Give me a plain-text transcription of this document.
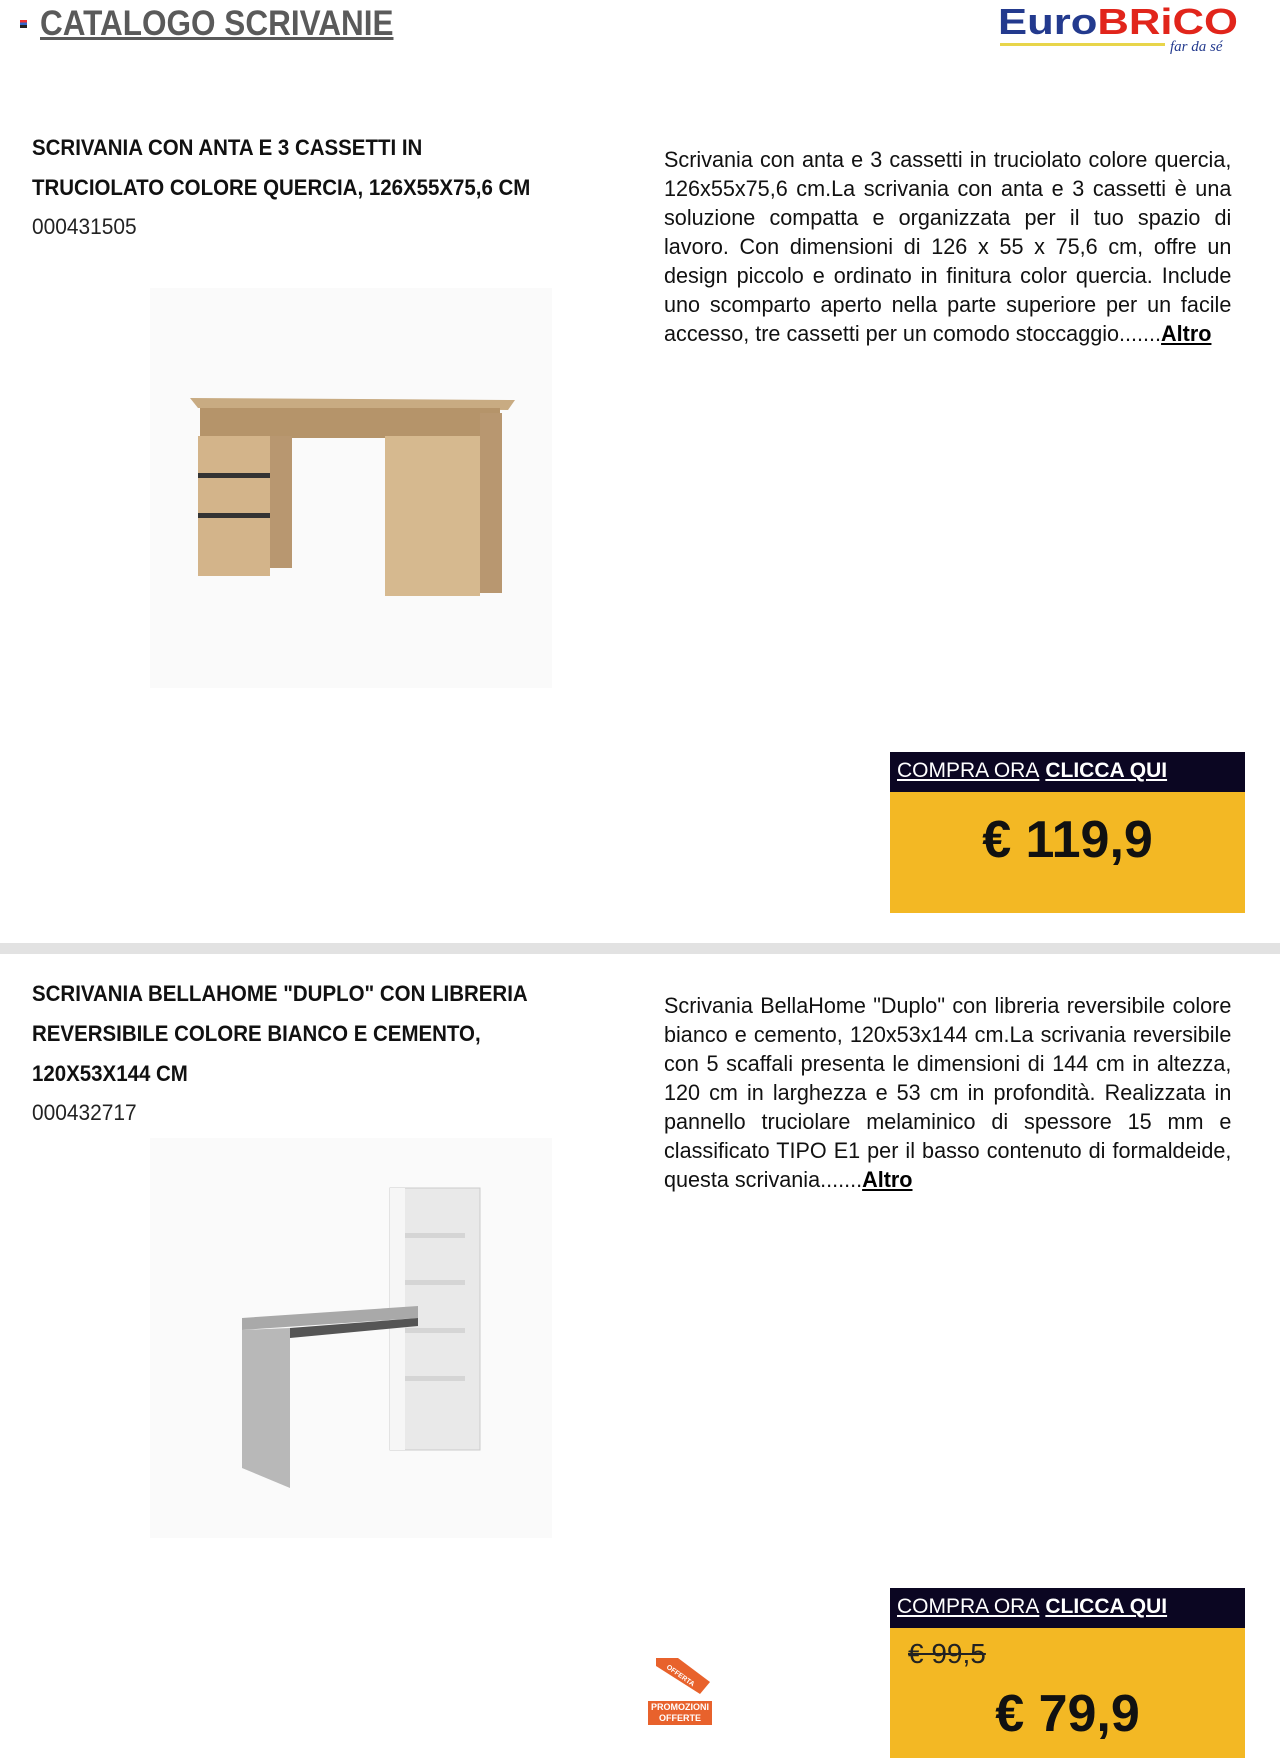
CATALOGO SCRIVANIE	Euro BRiCO
far da sé
SCRIVANIA CON ANTA E 3 CASSETTI IN
TRUCIOLATO COLORE QUERCIA, 126X55X75,6 CM
000431505

Scrivania con anta e 3 cassetti in truciolato colore quercia, 126x55x75,6 cm.La scrivania con anta e 3 cassetti è una soluzione compatta e organizzata per il tuo spazio di lavoro. Con dimensioni di 126 x 55 x 75,6 cm, offre un design piccolo e ordinato in finitura color quercia. Include uno scomparto aperto nella parte superiore per un facile accesso, tre cassetti per un comodo stoccaggio.......Altro

COMPRA ORA CLICCA QUI
€ 119,9
SCRIVANIA BELLAHOME "DUPLO" CON LIBRERIA
REVERSIBILE COLORE BIANCO E CEMENTO,
120X53X144 CM
000432717

Scrivania BellaHome "Duplo" con libreria reversibile colore bianco e cemento, 120x53x144 cm.La scrivania reversibile con 5 scaffali presenta le dimensioni di 144 cm in altezza, 120 cm in larghezza e 53 cm in profondità. Realizzata in pannello truciolare melaminico di spessore 15 mm e classificato TIPO E1 per il basso contenuto di formaldeide, questa scrivania.......Altro

OFFERTA
PROMOZIONI
OFFERTE
COMPRA ORA CLICCA QUI
€ 99,5
€ 79,9
